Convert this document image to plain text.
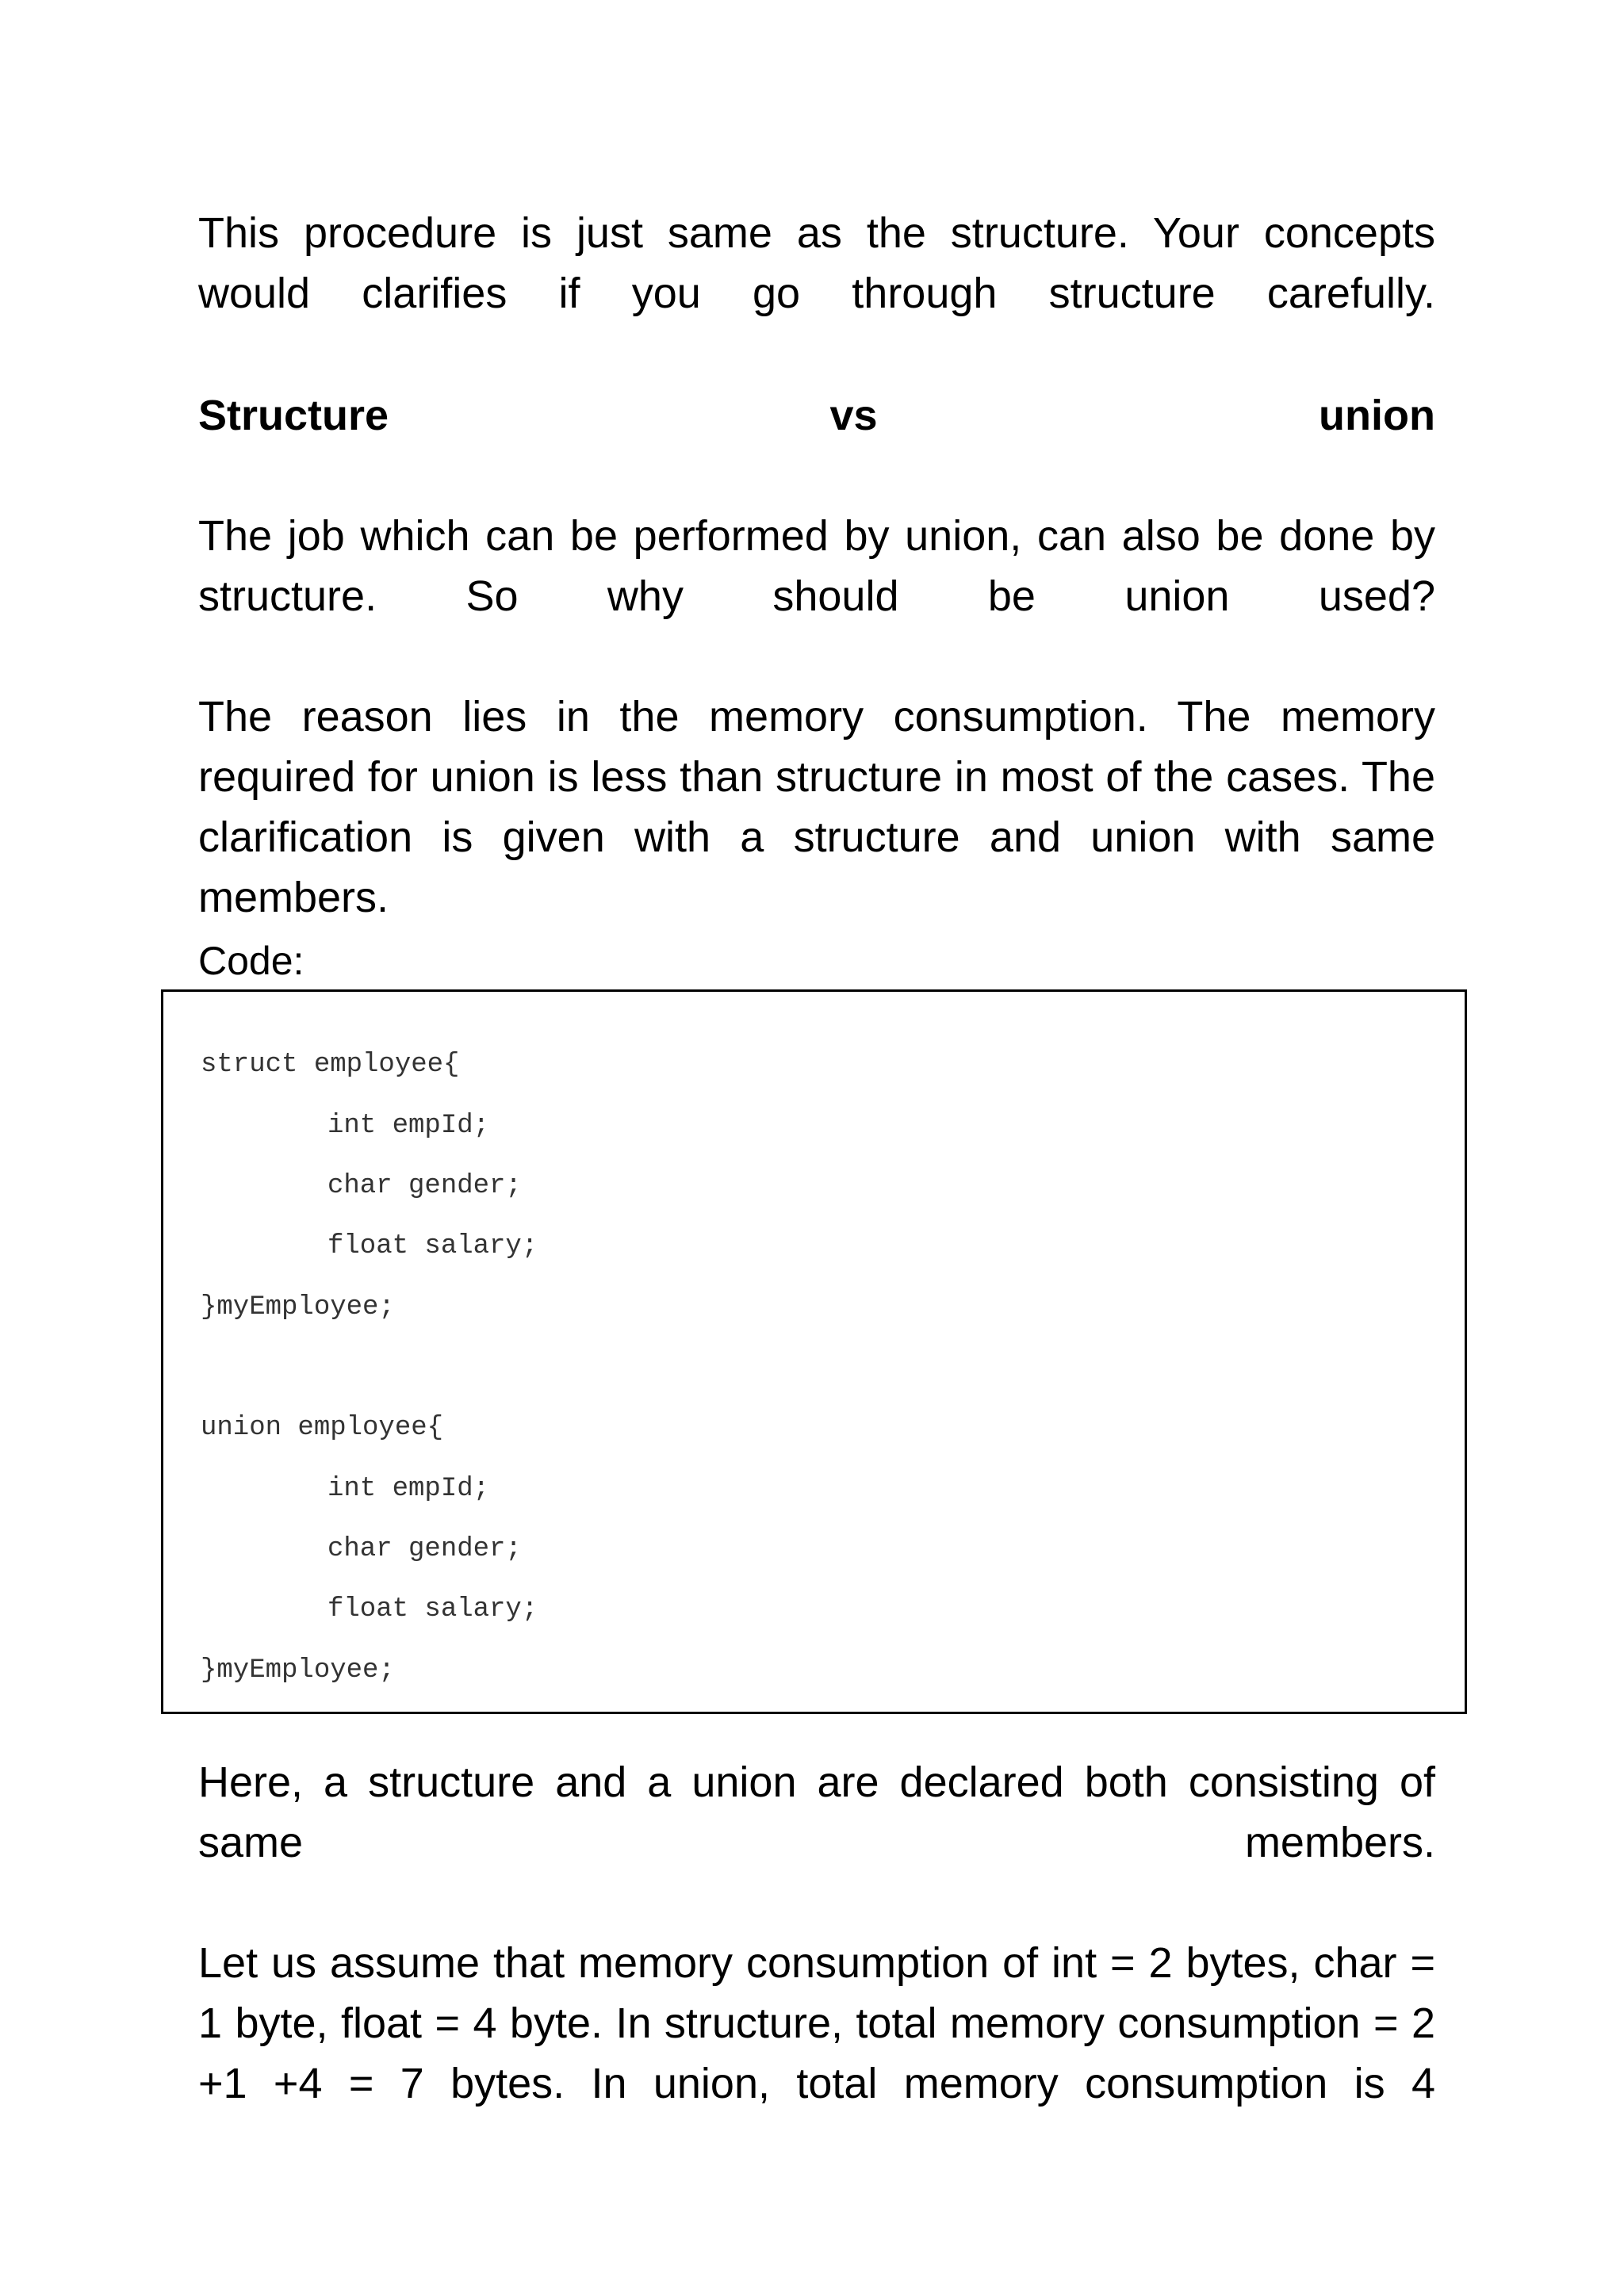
This procedure is just same as the structure. Your concepts would clarifies if you go through structure carefully.

Structure	vs	union

The job which can be performed by union, can also be done by structure. So why should be union used?

The reason lies in the memory consumption. The memory required for union is less than structure in most of the cases. The clarification is given with a structure and union with same members.

Code:

struct employee{
int empId;
char gender;
float salary;
}myEmployee;
union employee{
int empId;
char gender;
float salary;
}myEmployee;

Here, a structure and a union are declared both consisting of same members.

Let us assume that memory consumption of int = 2 bytes, char = 1 byte, float = 4 byte. In structure, total memory consumption = 2 +1 +4 = 7 bytes. In union, total memory consumption is 4
